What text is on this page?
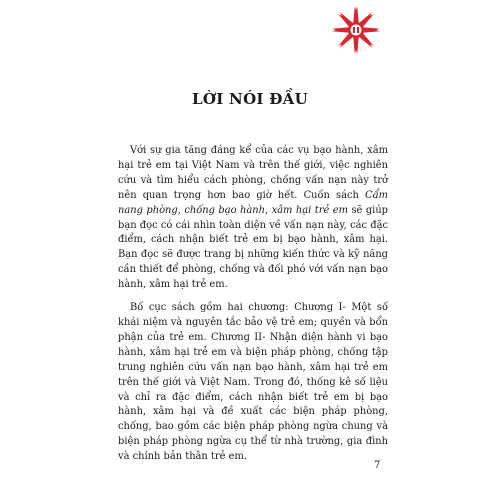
LỜI NÓI ĐẦU

Với sự gia tăng đáng kể của các vụ bạo hành, xâm hại trẻ em tại Việt Nam và trên thế giới, việc nghiên cứu và tìm hiểu cách phòng, chống vấn nạn này trở nên quan trọng hơn bao giờ hết. Cuốn sách Cẩm nang phòng, chống bạo hành, xâm hại trẻ em sẽ giúp bạn đọc có cái nhìn toàn diện về vấn nạn này, các đặc điểm, cách nhận biết trẻ em bị bạo hành, xâm hại. Bạn đọc sẽ được trang bị những kiến thức và kỹ năng cần thiết để phòng, chống và đối phó với vấn nạn bạo hành, xâm hại trẻ em.

Bố cục sách gồm hai chương: Chương I- Một số khái niệm và nguyên tắc bảo vệ trẻ em; quyền và bổn phận của trẻ em. Chương II- Nhận diện hành vi bạo hành, xâm hại trẻ em và biện pháp phòng, chống tập trung nghiên cứu vấn nạn bạo hành, xâm hại trẻ em trên thế giới và Việt Nam. Trong đó, thống kê số liệu và chỉ ra đặc điểm, cách nhận biết trẻ em bị bạo hành, xâm hại và đề xuất các biện pháp phòng, chống, bao gồm các biện pháp phòng ngừa chung và biện pháp phòng ngừa cụ thể từ nhà trường, gia đình và chính bản thân trẻ em.

7
